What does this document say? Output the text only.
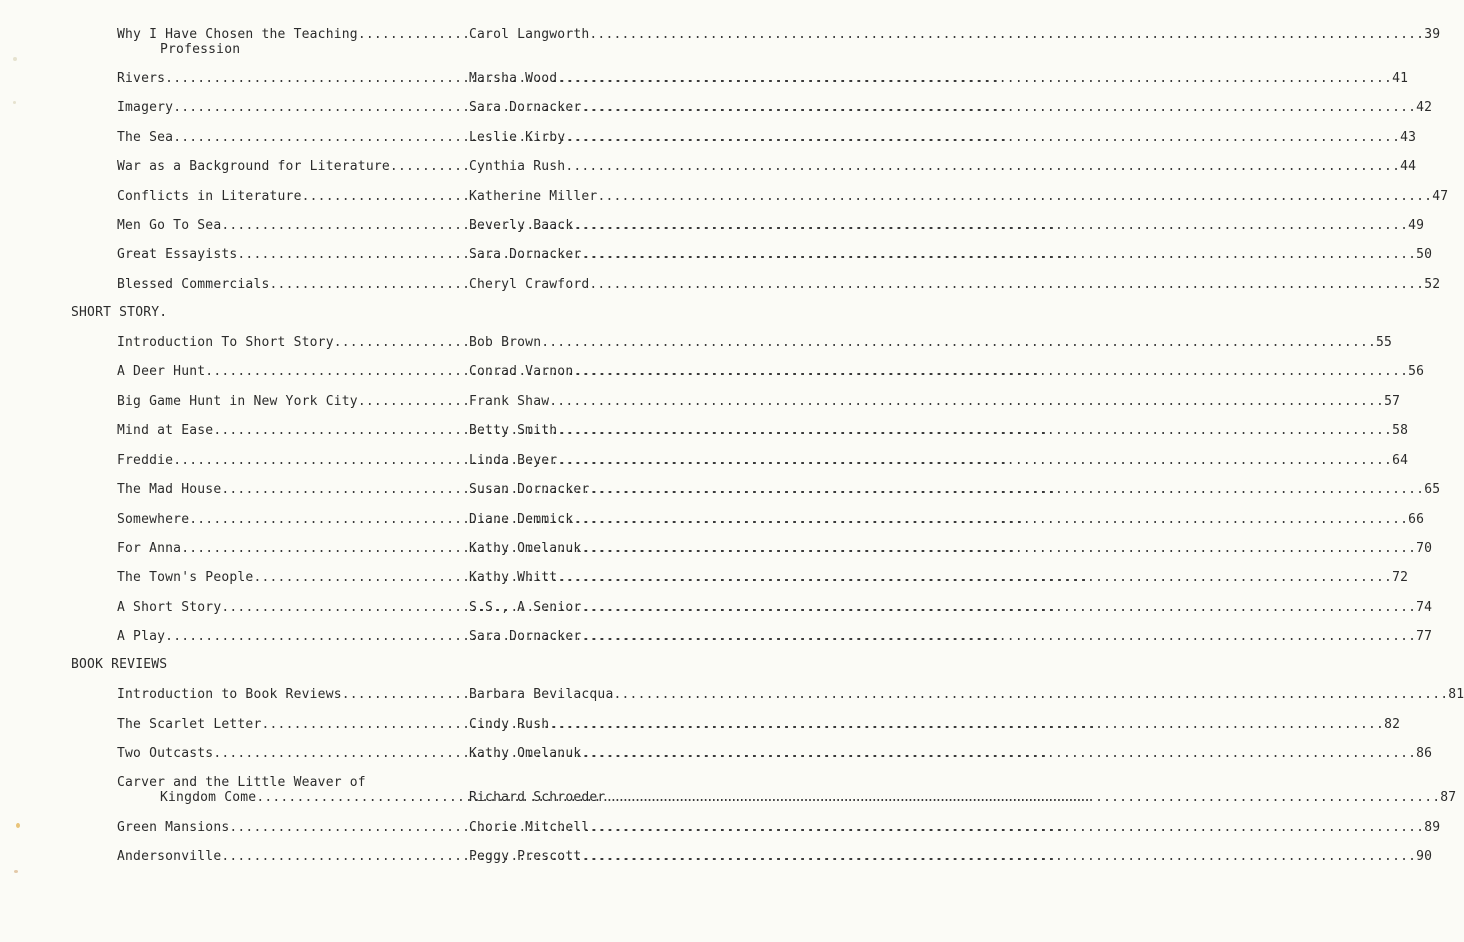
Why I Have Chosen the Teaching .....	Carol Langworth .....	39
Profession
Rivers .....	Marsha Wood .....	41
Imagery .....	Sara Dornacker .....	42
The Sea .....	Leslie Kirby .....	43
War as a Background for Literature .....	Cynthia Rush .....	44
Conflicts in Literature .....	Katherine Miller .....	47
Men Go To Sea .....	Beverly Baack .....	49
Great Essayists .....	Sara Dornacker .....	50
Blessed Commercials .....	Cheryl Crawford .....	52
SHORT STORY.
Introduction To Short Story .....	Bob Brown .....	55
A Deer Hunt .....	Conrad Varnon .....	56
Big Game Hunt in New York City .....	Frank Shaw .....	57
Mind at Ease .....	Betty Smith .....	58
Freddie .....	Linda Beyer .....	64
The Mad House .....	Susan Dornacker .....	65
Somewhere .....	Diane Demmick .....	66
For Anna .....	Kathy Omelanuk .....	70
The Town's People .....	Kathy Whitt .....	72
A Short Story .....	S.S., A Senior .....	74
A Play .....	Sara Dornacker .....	77
BOOK REVIEWS
Introduction to Book Reviews .....	Barbara Bevilacqua .....	81
The Scarlet Letter .....	Cindy Rush .....	82
Two Outcasts .....	Kathy Omelanuk .....	86
Carver and the Little Weaver of
Kingdom Come .....	Richard Schroeder .....	87
Green Mansions .....	Chorie Mitchell .....	89
Andersonville .....	Peggy Prescott .....	90
